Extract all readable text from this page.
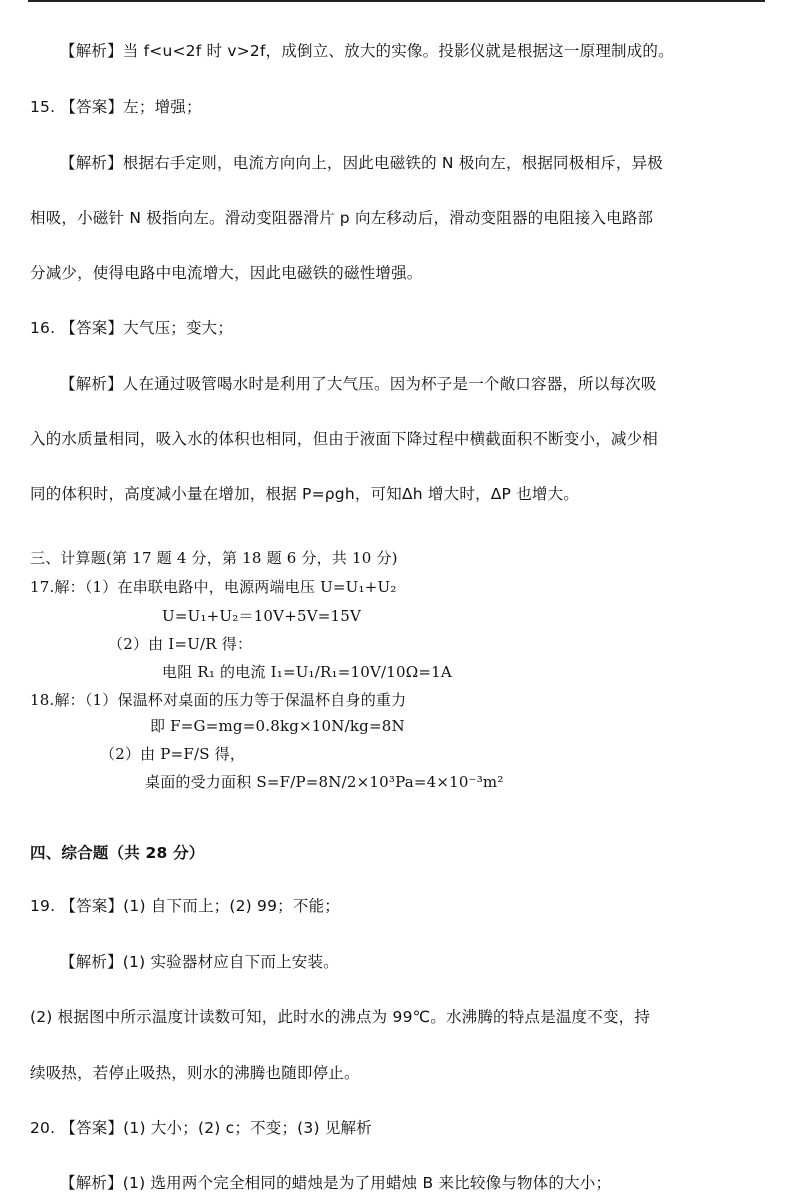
【解析】当 f<u<2f 时 v>2f，成倒立、放大的实像。投影仪就是根据这一原理制成的。
15. 【答案】左；增强；
【解析】根据右手定则，电流方向向上，因此电磁铁的 N 极向左，根据同极相斥，异极
相吸，小磁针 N 极指向左。滑动变阻器滑片 p 向左移动后，滑动变阻器的电阻接入电路部
分减少，使得电路中电流增大，因此电磁铁的磁性增强。
16. 【答案】大气压；变大；
【解析】人在通过吸管喝水时是利用了大气压。因为杯子是一个敞口容器，所以每次吸
入的水质量相同，吸入水的体积也相同，但由于液面下降过程中横截面积不断变小，减少相
同的体积时，高度减小量在增加，根据 P=ρgh，可知Δh 增大时，ΔP 也增大。
三、计算题(第 17 题 4 分，第 18 题 6 分，共 10 分)
17.解：（1）在串联电路中，电源两端电压 U=U₁+U₂
U=U₁+U₂＝10V+5V=15V
（2）由 I=U/R 得：
电阻 R₁ 的电流 I₁=U₁/R₁=10V/10Ω=1A
18.解：（1）保温杯对桌面的压力等于保温杯自身的重力
即 F=G=mg=0.8kg×10N/kg=8N
（2）由 P=F/S 得，
桌面的受力面积 S=F/P=8N/2×10³Pa=4×10⁻³m²
四、综合题（共 28 分）
19. 【答案】(1) 自下而上；(2) 99；不能；
【解析】(1) 实验器材应自下而上安装。
(2) 根据图中所示温度计读数可知，此时水的沸点为 99℃。水沸腾的特点是温度不变，持
续吸热，若停止吸热，则水的沸腾也随即停止。
20. 【答案】(1) 大小；(2) c；不变；(3) 见解析
【解析】(1) 选用两个完全相同的蜡烛是为了用蜡烛 B 来比较像与物体的大小；
